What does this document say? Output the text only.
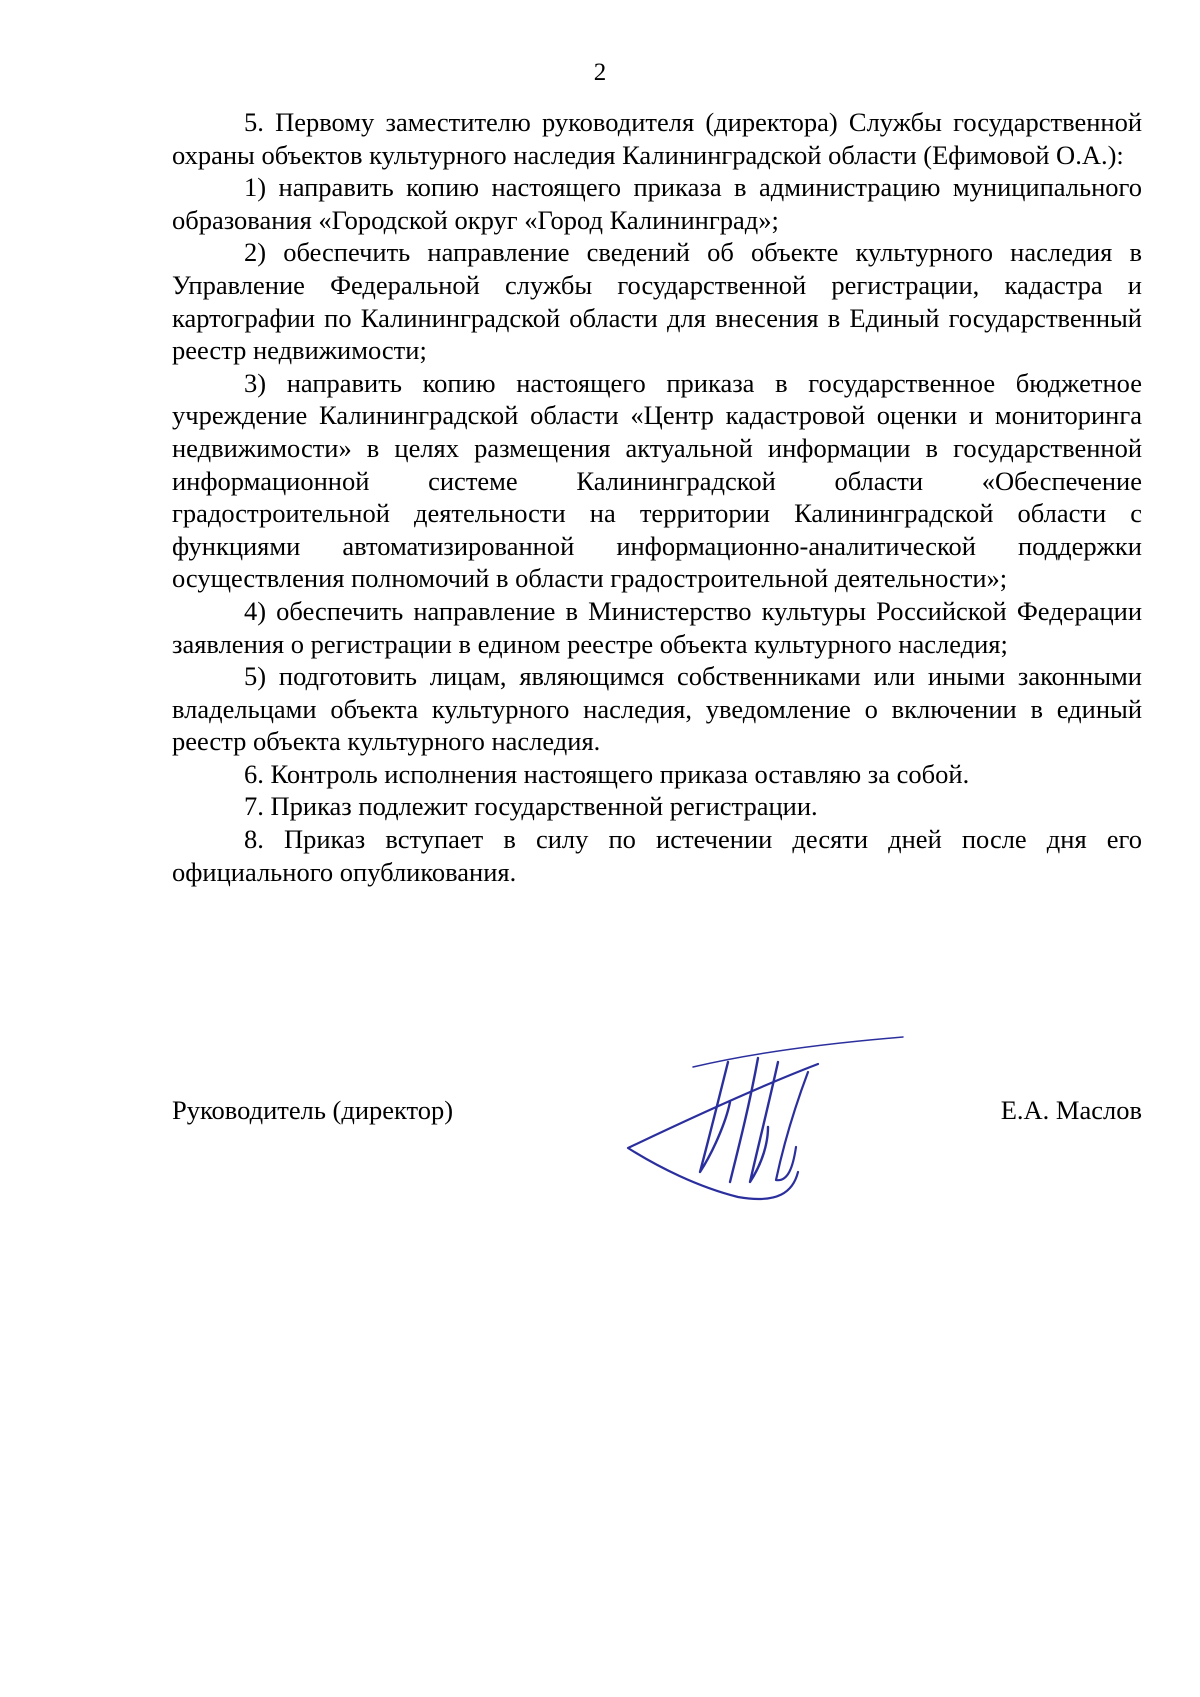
2

5. Первому заместителю руководителя (директора) Службы государственной охраны объектов культурного наследия Калининградской области (Ефимовой О.А.):

1) направить копию настоящего приказа в администрацию муниципального образования «Городской округ «Город Калининград»;

2) обеспечить направление сведений об объекте культурного наследия в Управление Федеральной службы государственной регистрации, кадастра и картографии по Калининградской области для внесения в Единый государственный реестр недвижимости;

3) направить копию настоящего приказа в государственное бюджетное учреждение Калининградской области «Центр кадастровой оценки и мониторинга недвижимости» в целях размещения актуальной информации в государственной информационной системе Калининградской области «Обеспечение градостроительной деятельности на территории Калининградской области с функциями автоматизированной информационно-аналитической поддержки осуществления полномочий в области градостроительной деятельности»;

4) обеспечить направление в Министерство культуры Российской Федерации заявления о регистрации в едином реестре объекта культурного наследия;

5) подготовить лицам, являющимся собственниками или иными законными владельцами объекта культурного наследия, уведомление о включении в единый реестр объекта культурного наследия.

6. Контроль исполнения настоящего приказа оставляю за собой.

7. Приказ подлежит государственной регистрации.

8. Приказ вступает в силу по истечении десяти дней после дня его официального опубликования.

Руководитель (директор)	Е.А. Маслов
